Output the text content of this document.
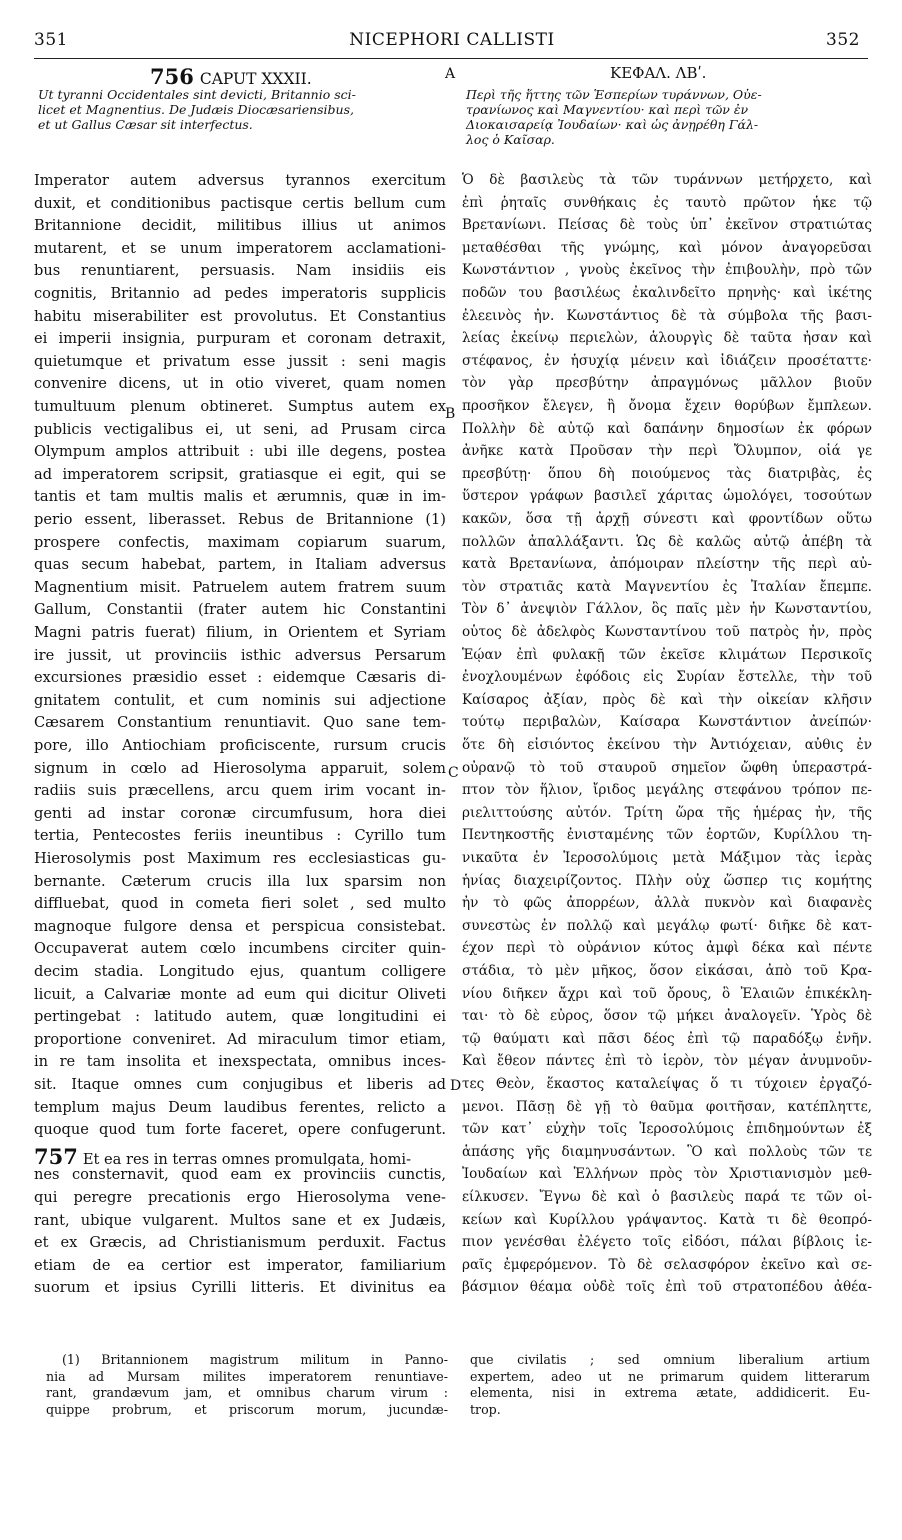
351	NICEPHORI CALLISTI	352
756 CAPUT XXXII.	A	ΚΕΦΑΛ. ΛΒʹ.
Ut tyranni Occidentales sint devicti, Britannio sci-
licet et Magnentius. De Judæis Diocæsariensibus,
et ut Gallus Cæsar sit interfectus.
Περὶ τῆς ἥττης τῶν Ἑσπερίων τυράννων, Οὐε-
τρανίωνος καὶ Μαγνεντίου· καὶ περὶ τῶν ἐν
Διοκαισαρείᾳ Ἰουδαίων· καὶ ὡς ἀνῃρέθη Γάλ-
λος ὁ Καῖσαρ.
B
C
D
Imperator autem adversus tyrannos exercitum
duxit, et conditionibus pactisque certis bellum cum
Britannione decidit, militibus illius ut animos
mutarent, et se unum imperatorem acclamationi-
bus renuntiarent, persuasis. Nam insidiis eis
cognitis, Britannio ad pedes imperatoris supplicis
habitu miserabiliter est provolutus. Et Constantius
ei imperii insignia, purpuram et coronam detraxit,
quietumque et privatum esse jussit : seni magis
convenire dicens, ut in otio viveret, quam nomen
tumultuum plenum obtineret. Sumptus autem ex
publicis vectigalibus ei, ut seni, ad Prusam circa
Olympum amplos attribuit : ubi ille degens, postea
ad imperatorem scripsit, gratiasque ei egit, qui se
tantis et tam multis malis et ærumnis, quæ in im-
perio essent, liberasset. Rebus de Britannione (1)
prospere confectis, maximam copiarum suarum,
quas secum habebat, partem, in Italiam adversus
Magnentium misit. Patruelem autem fratrem suum
Gallum, Constantii (frater autem hic Constantini
Magni patris fuerat) filium, in Orientem et Syriam
ire jussit, ut provinciis isthic adversus Persarum
excursiones præsidio esset : eidemque Cæsaris di-
gnitatem contulit, et cum nominis sui adjectione
Cæsarem Constantium renuntiavit. Quo sane tem-
pore, illo Antiochiam proficiscente, rursum crucis
signum in cœlo ad Hierosolyma apparuit, solem
radiis suis præcellens, arcu quem irim vocant in-
genti ad instar coronæ circumfusum, hora diei
tertia, Pentecostes feriis ineuntibus : Cyrillo tum
Hierosolymis post Maximum res ecclesiasticas gu-
bernante. Cæterum crucis illa lux sparsim non
diffluebat, quod in cometa fieri solet , sed multo
magnoque fulgore densa et perspicua consistebat.
Occupaverat autem cœlo incumbens circiter quin-
decim stadia. Longitudo ejus, quantum colligere
licuit, a Calvariæ monte ad eum qui dicitur Oliveti
pertingebat : latitudo autem, quæ longitudini ei
proportione conveniret. Ad miraculum timor etiam,
in re tam insolita et inexspectata, omnibus inces-
sit. Itaque omnes cum conjugibus et liberis ad
templum majus Deum laudibus ferentes, relicto a
quoque quod tum forte faceret, opere confugerunt.
757 Et ea res in terras omnes promulgata, homi-
nes consternavit, quod eam ex provinciis cunctis,
qui peregre precationis ergo Hierosolyma vene-
rant, ubique vulgarent. Multos sane et ex Judæis,
et ex Græcis, ad Christianismum perduxit. Factus
etiam de ea certior est imperator, familiarium
suorum et ipsius Cyrilli litteris. Et divinitus ea
Ὁ δὲ βασιλεὺς τὰ τῶν τυράννων μετήρχετο, καὶ
ἐπὶ ῥηταῖς συνθήκαις ἐς ταυτὸ πρῶτον ἧκε τῷ
Βρετανίωνι. Πείσας δὲ τοὺς ὑπ᾽ ἐκεῖνον στρατιώτας
μεταθέσθαι τῆς γνώμης, καὶ μόνον ἀναγορεῦσαι
Κωνστάντιον , γνοὺς ἐκεῖνος τὴν ἐπιβουλὴν, πρὸ τῶν
ποδῶν του βασιλέως ἐκαλινδεῖτο πρηνὴς· καὶ ἱκέτης
ἐλεεινὸς ἦν. Κωνστάντιος δὲ τὰ σύμβολα τῆς βασι-
λείας ἐκείνῳ περιελὼν, ἁλουργὶς δὲ ταῦτα ἦσαν καὶ
στέφανος, ἐν ἡσυχίᾳ μένειν καὶ ἰδιάζειν προσέταττε·
τὸν γὰρ πρεσβύτην ἀπραγμόνως μᾶλλον βιοῦν
προσῆκον ἔλεγεν, ἢ ὄνομα ἔχειν θορύβων ἔμπλεων.
Πολλὴν δὲ αὐτῷ καὶ δαπάνην δημοσίων ἐκ φόρων
ἀνῆκε κατὰ Προῦσαν τὴν περὶ Ὄλυμπον, οἷά γε
πρεσβύτῃ· ὅπου δὴ ποιούμενος τὰς διατριβὰς, ἐς
ὕστερον γράφων βασιλεῖ χάριτας ὡμολόγει, τοσούτων
κακῶν, ὅσα τῇ ἀρχῇ σύνεστι καὶ φροντίδων οὕτω
πολλῶν ἀπαλλάξαντι. Ὡς δὲ καλῶς αὐτῷ ἀπέβη τὰ
κατὰ Βρετανίωνα, ἀπόμοιραν πλείστην τῆς περὶ αὐ-
τὸν στρατιᾶς κατὰ Μαγνεντίου ἐς Ἰταλίαν ἔπεμπε.
Τὸν δ᾽ ἀνεψιὸν Γάλλον, ὃς παῖς μὲν ἦν Κωνσταντίου,
οὗτος δὲ ἀδελφὸς Κωνσταντίνου τοῦ πατρὸς ἦν, πρὸς
Ἑῴαν ἐπὶ φυλακῇ τῶν ἐκεῖσε κλιμάτων Περσικοῖς
ἐνοχλουμένων ἐφόδοις εἰς Συρίαν ἔστελλε, τὴν τοῦ
Καίσαρος ἀξίαν, πρὸς δὲ καὶ τὴν οἰκείαν κλῆσιν
τούτῳ περιβαλὼν, Καίσαρα Κωνστάντιον ἀνείπών·
ὅτε δὴ εἰσιόντος ἐκείνου τὴν Ἀντιόχειαν, αὖθις ἐν
οὐρανῷ τὸ τοῦ σταυροῦ σημεῖον ὤφθη ὑπεραστρά-
πτον τὸν ἥλιον, ἴριδος μεγάλης στεφάνου τρόπον πε-
ριελιττούσης αὐτόν. Τρίτη ὥρα τῆς ἡμέρας ἦν, τῆς
Πεντηκοστῆς ἐνισταμένης τῶν ἑορτῶν, Κυρίλλου τη-
νικαῦτα ἐν Ἱεροσολύμοις μετὰ Μάξιμον τὰς ἱερὰς
ἡνίας διαχειρίζοντος. Πλὴν οὐχ ὥσπερ τις κομήτης
ἦν τὸ φῶς ἀπορρέων, ἀλλὰ πυκνὸν καὶ διαφανὲς
συνεστὼς ἐν πολλῷ καὶ μεγάλῳ φωτί· διῆκε δὲ κατ-
έχον περὶ τὸ οὐράνιον κύτος ἀμφὶ δέκα καὶ πέντε
στάδια, τὸ μὲν μῆκος, ὅσον εἰκάσαι, ἀπὸ τοῦ Κρα-
νίου διῆκεν ἄχρι καὶ τοῦ ὄρους, ὃ Ἐλαιῶν ἐπικέκλη-
ται· τὸ δὲ εὖρος, ὅσον τῷ μήκει ἀναλογεῖν. Ὑρὸς δὲ
τῷ θαύματι καὶ πᾶσι δέος ἐπὶ τῷ παραδόξῳ ἐνῆν.
Καὶ ἔθεον πάντες ἐπὶ τὸ ἱερὸν, τὸν μέγαν ἀνυμνοῦν-
τες Θεὸν, ἕκαστος καταλείψας ὅ τι τύχοιεν ἐργαζό-
μενοι. Πᾶσῃ δὲ γῇ τὸ θαῦμα φοιτῆσαν, κατέπληττε,
τῶν κατ᾽ εὐχὴν τοῖς Ἱεροσολύμοις ἐπιδημούντων ἐξ
ἁπάσης γῆς διαμηνυσάντων. Ὃ καὶ πολλοὺς τῶν τε
Ἰουδαίων καὶ Ἑλλήνων πρὸς τὸν Χριστιανισμὸν μεθ-
είλκυσεν. Ἔγνω δὲ καὶ ὁ βασιλεὺς παρά τε τῶν οἰ-
κείων καὶ Κυρίλλου γράψαντος. Κατὰ τι δὲ θεοπρό-
πιον γενέσθαι ἐλέγετο τοῖς εἰδόσι, πάλαι βίβλοις ἱε-
ραῖς ἐμφερόμενον. Τὸ δὲ σελασφόρον ἐκεῖνο καὶ σε-
βάσμιον θέαμα οὐδὲ τοῖς ἐπὶ τοῦ στρατοπέδου ἀθέα-
(1) Britannionem magistrum militum in Panno-
nia ad Mursam milites imperatorem renuntiave-
rant, grandævum jam, et omnibus charum virum :
quippe probrum, et priscorum morum, jucundæ-
que civilatis ; sed omnium liberalium artium
expertem, adeo ut ne primarum quidem litterarum
elementa, nisi in extrema ætate, addidicerit. Eu-
trop.
